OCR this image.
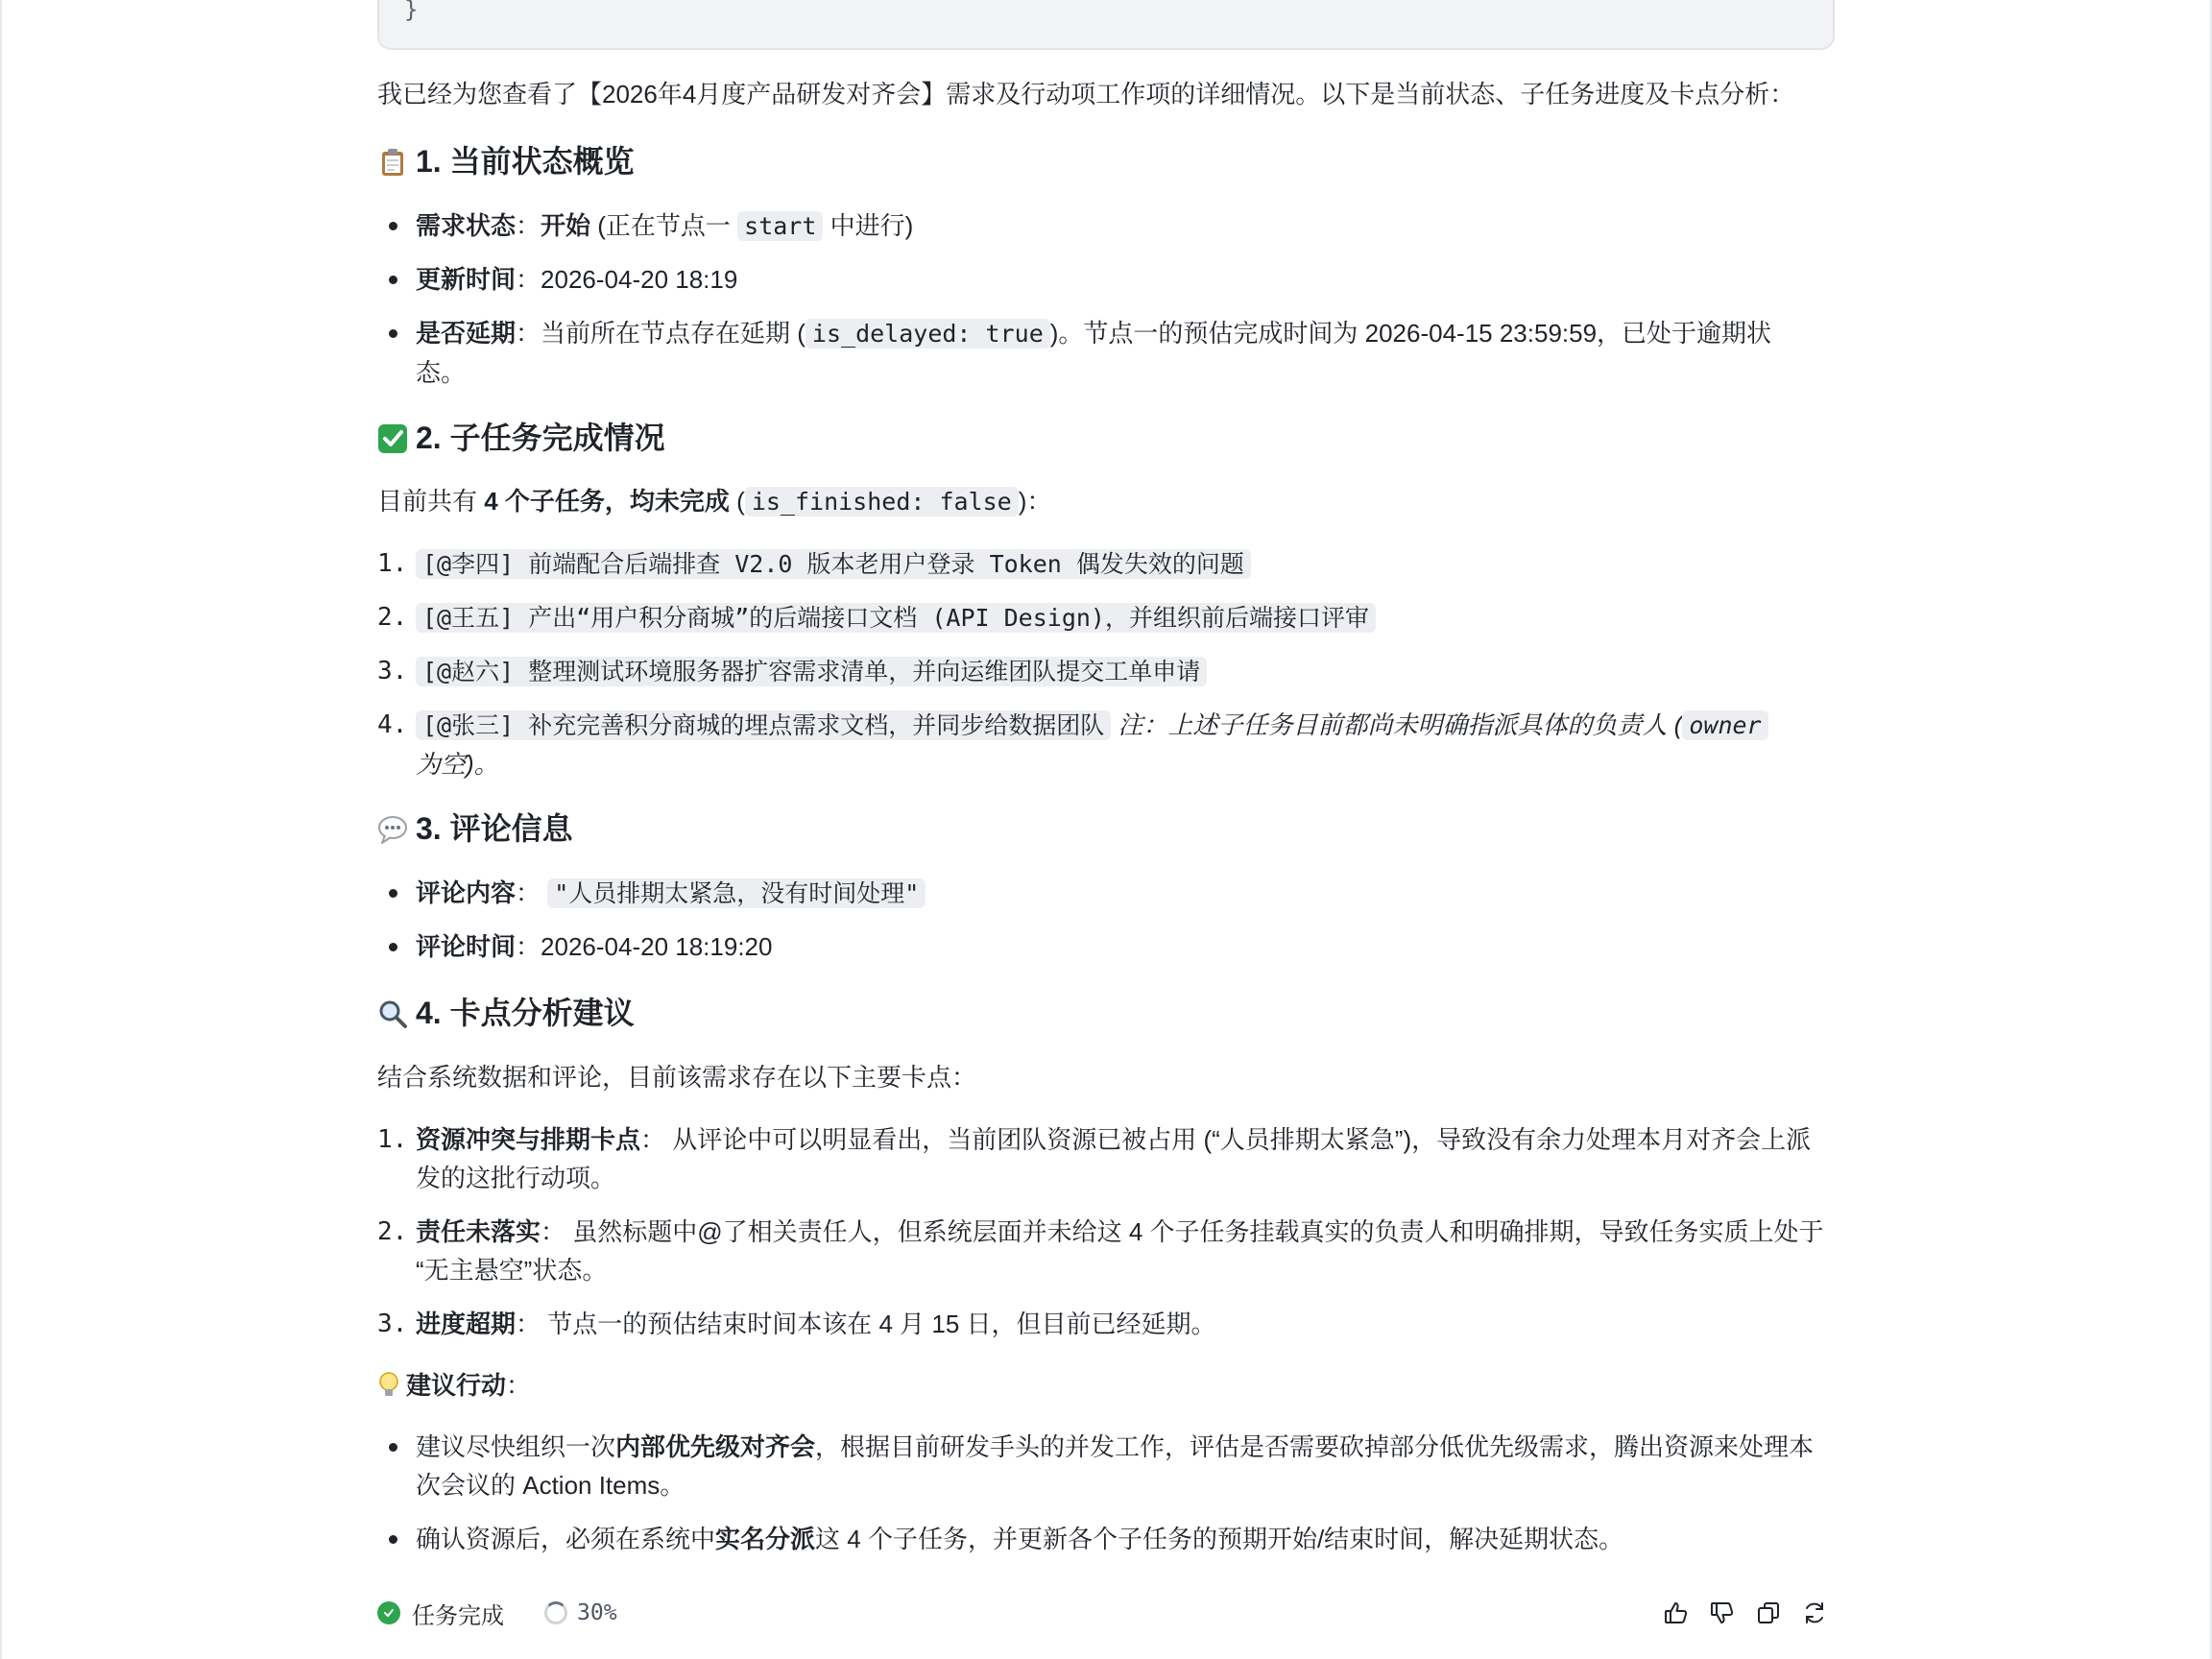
}
我已经为您查看了【2026年4月度产品研发对齐会】需求及行动项工作项的详细情况。以下是当前状态、子任务进度及卡点分析：
1. 当前状态概览
需求状态：开始 (正在节点一 start 中进行)
更新时间：2026-04-20 18:19
是否延期：当前所在节点存在延期 ( is_delayed: true )。节点一的预估完成时间为 2026-04-15 23:59:59，已处于逾期状
态。
2. 子任务完成情况
目前共有 4 个子任务，均未完成 ( is_finished: false )：
1. [@李四] 前端配合后端排查 V2.0 版本老用户登录 Token 偶发失效的问题
2. [@王五] 产出“用户积分商城”的后端接口文档 (API Design)，并组织前后端接口评审
3. [@赵六] 整理测试环境服务器扩容需求清单，并向运维团队提交工单申请
4. [@张三] 补充完善积分商城的埋点需求文档，并同步给数据团队 注：上述子任务目前都尚未明确指派具体的负责人 ( owner
为空)。
3. 评论信息
评论内容： "人员排期太紧急，没有时间处理"
评论时间：2026-04-20 18:19:20
4. 卡点分析建议
结合系统数据和评论，目前该需求存在以下主要卡点：
1. 资源冲突与排期卡点： 从评论中可以明显看出，当前团队资源已被占用 (“人员排期太紧急”)，导致没有余力处理本月对齐会上派
发的这批行动项。
2. 责任未落实： 虽然标题中@了相关责任人，但系统层面并未给这 4 个子任务挂载真实的负责人和明确排期，导致任务实质上处于
“无主悬空”状态。
3. 进度超期： 节点一的预估结束时间本该在 4 月 15 日，但目前已经延期。
建议行动 ：
建议尽快组织一次内部优先级对齐会，根据目前研发手头的并发工作，评估是否需要砍掉部分低优先级需求，腾出资源来处理本
次会议的 Action Items。
确认资源后，必须在系统中实名分派这 4 个子任务，并更新各个子任务的预期开始/结束时间，解决延期状态。
任务完成	30%
